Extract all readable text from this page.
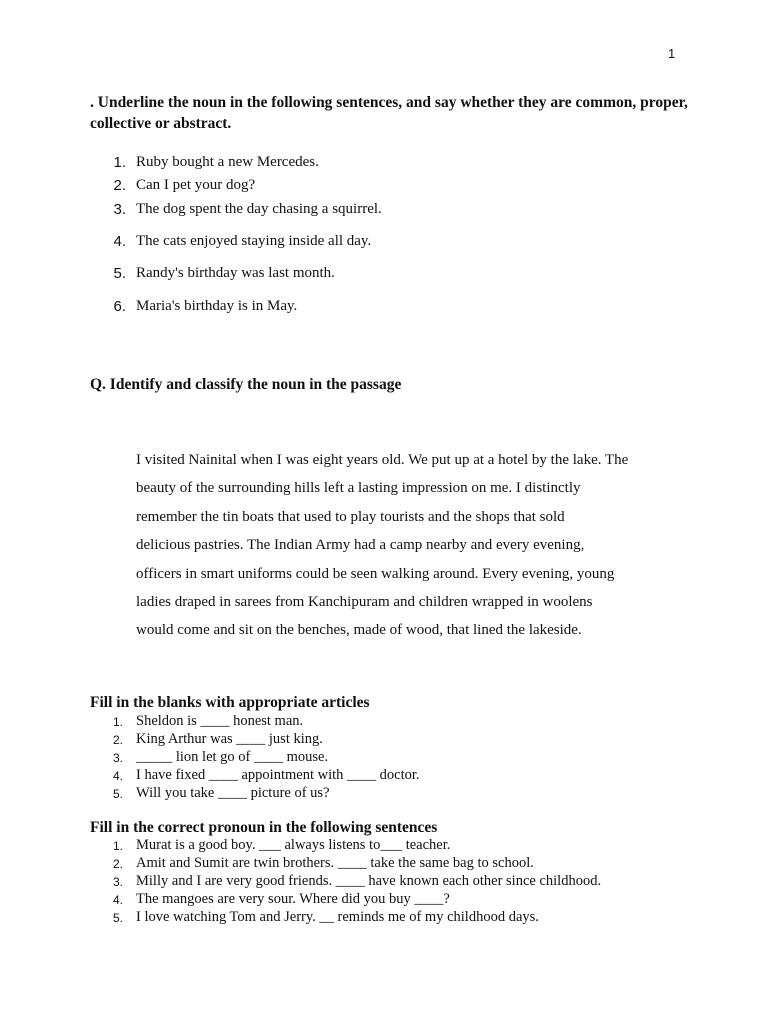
1
. Underline the noun in the following sentences, and say whether they are common, proper, collective or abstract.
1. Ruby bought a new Mercedes.
2. Can I pet your dog?
3. The dog spent the day chasing a squirrel.
4. The cats enjoyed staying inside all day.
5. Randy's birthday was last month.
6. Maria's birthday is in May.
Q. Identify and classify the noun in the passage
I visited Nainital when I was eight years old. We put up at a hotel by the lake. The
beauty of the surrounding hills left a lasting impression on me. I distinctly
remember the tin boats that used to play tourists and the shops that sold
delicious pastries. The Indian Army had a camp nearby and every evening,
officers in smart uniforms could be seen walking around. Every evening, young
ladies draped in sarees from Kanchipuram and children wrapped in woolens
would come and sit on the benches, made of wood, that lined the lakeside.
Fill in the blanks with appropriate articles
1. Sheldon is ____ honest man.
2. King Arthur was ____ just king.
3. _____ lion let go of ____ mouse.
4. I have fixed ____ appointment with ____ doctor.
5. Will you take ____ picture of us?
Fill in the correct pronoun in the following sentences
1. Murat is a good boy. ___ always listens to___ teacher.
2. Amit and Sumit are twin brothers. ____ take the same bag to school.
3. Milly and I are very good friends. ____ have known each other since childhood.
4. The mangoes are very sour. Where did you buy ____?
5. I love watching Tom and Jerry. __ reminds me of my childhood days.
